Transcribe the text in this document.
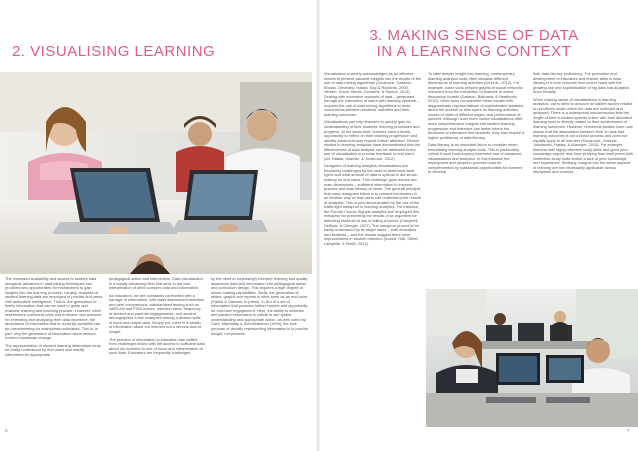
2. VISUALISING LEARNING

The increased availability and access to student data alongside advances in data mining techniques has provided new opportunities for researchers to gain insights into the learning process. Largely, analyses of student learning data are employed to provide end users with actionable intelligence. That is, the generation of timely information that can be used to guide and evaluate learning and teaching practice. However, while researchers commonly seek and embrace new avenues for extending and analysing their data repertoire, the abundance of information that is currently available can be overwhelming for mainstream educators. This is, in part, why the generation of information alone seldom evokes broadscale change.

The representation of student learning information must be easily understood by end users and readily interpreted for appropriate

pedagogical action and intervention. Data visualisation is a rapidly advancing field that aims to aid user interpretation of often complex data and information.

As educators, we are constantly confronted with a barrage of information, with class assessment activities and peer comparisons, standardised testing such as NAPLAN and PISA scores, retention rates, frequency of student and parental engagements, and student demographics a few examples among a diverse suite of input and output data. Simply put, there is a wealth of information about our learners but a serious lack of insight.

The problem of information in education has shifted from challenges linked with the access to sufficient data about our learners to one of focus and interpretation of such data. Educators are frequently challenged

by the need to increasingly interpret learning and quality assurance data and information into pedagogical action and curriculum design. This requires a high degree of sense-making capabilities. Sadly, the generation of tables, graphs and reports is often seen as an end point (Parikh & Dawson, in press). In lieu of a set of information that provides further context and opportunity for end-user engagement. Here, the ability to describe and present information is critical to aid uptake, understanding and appropriate action. As well noted by Card, Mackinlay & Schneiderman (1999), the sole purpose of visually representing information is to provide insight, not pictures.

6
3. MAKING SENSE OF DATA
IN A LEARNING CONTEXT

Visualisation is widely acknowledged as an effective means to present valuable insights into the results of the use of data mining algorithms (Jovanovic, Gasevic, Brooks, Devedzic, Hatala, Eap & Richards, 2008; Verbert, Duval, Klerkx, Govaerts, & Santos, 2013). Dealing with excessive amounts of data – generated through the interaction of users with learning systems – requires the use of data mining algorithms to draw connections between students' activities and their learning outcomes.

Visualisations can help teachers to quickly gain an understanding of their students' learning processes and progress. At the same time, learners have a timely opportunity to reflect on their learning progression and identify areas that may require further attention. Recent studies in learning analytics have demonstrated that the effectiveness of data analysis can be attributed to the use of visualisation to provide feedback to end users (Ali, Hatala, Gasevic, & Jovanovic, 2012).

Designers of learning analytics visualisations are frequently challenged by the need to determine what types and what amount of data is optimal to aid sense-making for end users. This challenge goes across two main dimensions – sufficient information to improve practice and data literacy of users. The general principle that many designers follow is to present information in an intuitive way so that users can understand the results of analytics. This is well demonstrated by the use of the traffic light metaphor in learning analytics. For instance, the Purdue Course Signals analytics tool employed this metaphor for presenting the results of an algorithm for detecting students at risk of failing a course (Campbell, DeBlois, & Oblinger, 2007). The metaphor proved to be easily understood by its target users – both educators and students – and the results suggest there were improvements in student retention (Arnold, Hall, Street, Lafayette, & Pistilli, 2012).

To offer deeper insight into learning, contemporary learning analytics tools often visualise different dimensions of learning activities (Ali et al., 2012). For example, some tools present graphs of social networks extracted from the interaction of learners in online discussion boards (Dawson, Bakharia, & Heathcote, 2010). Other tools complement these visuals with diagrammatic representations of sophisticated statistics about the amount of time spent on learning activities, counts of visits of different pages, and performance of quizzes. Although such more varied visualisations offer more comprehensive insights into student learning progression and therefore can better inform the decisions of educators and students, they also require a higher proficiency of data literacy.

Data literacy is an important factor to consider when embedding learning analytic tools. This is particularly critical if such tools employ extensive use of advanced visualisations and analytics. In this instance the deployment and adoption process must be complemented by substantial opportunities for learners to develop

their data literacy proficiency. The promotion and development of educators and learner skills in data literacy is a core outcome that runs in hand with the growing use and sophistication of big data and analytics more broadly.

When making sense of visualisations in learning analytics, users need to account for salient factors related to conditions under which the data are collected and analysed. There is a widespread misconception that the length of time a student spends online with their allocated learning tools is directly related to their achievement of learning outcomes. However, numerous studies have now shown that the association between time on task and learning outcomes is not a linear process and does not equally apply to all learners (Kovanovic, Gasevic, Joksimovic, Hatala, & Adesope, 2015). For example, learners with highly effective study skills and good prior knowledge require less time studying than their peers with ineffective study skills and/or a lack of prior knowledge and experience. Similarly, insights into the same aspects of learning are not necessarily applicable across disciplines and courses.

7
